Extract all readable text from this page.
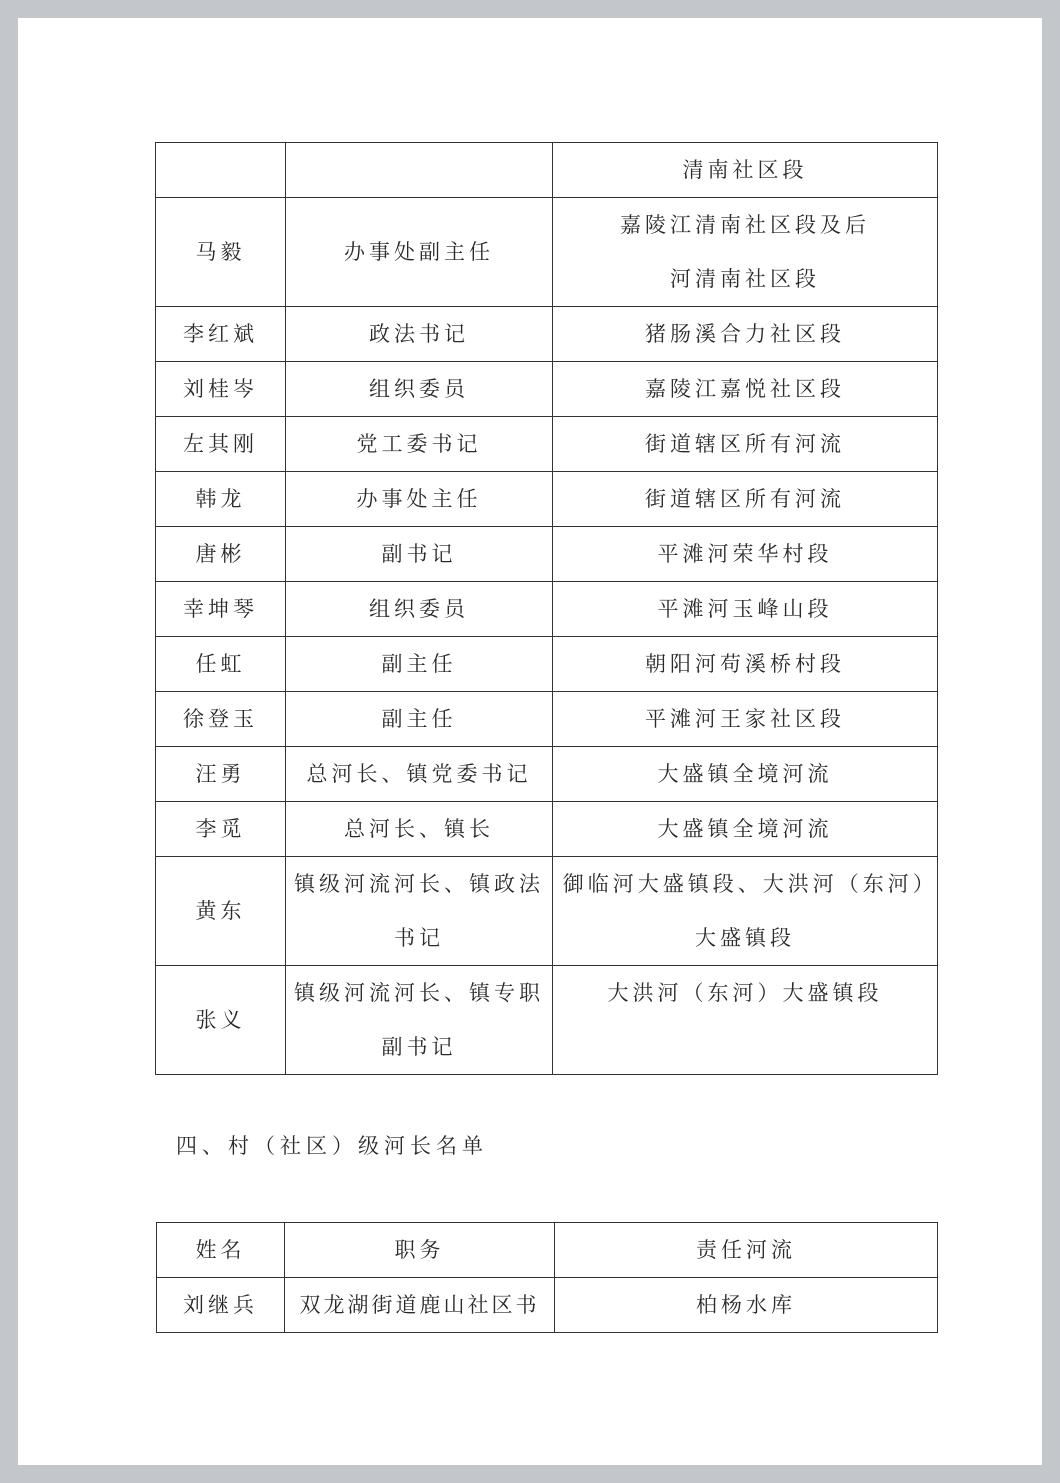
		清南社区段
马毅	办事处副主任	嘉陵江清南社区段及后河清南社区段
李红斌	政法书记	猪肠溪合力社区段
刘桂岑	组织委员	嘉陵江嘉悦社区段
左其刚	党工委书记	街道辖区所有河流
韩龙	办事处主任	街道辖区所有河流
唐彬	副书记	平滩河荣华村段
幸坤琴	组织委员	平滩河玉峰山段
任虹	副主任	朝阳河苟溪桥村段
徐登玉	副主任	平滩河王家社区段
汪勇	总河长、镇党委书记	大盛镇全境河流
李觅	总河长、镇长	大盛镇全境河流
黄东	镇级河流河长、镇政法书记	御临河大盛镇段、大洪河（东河）大盛镇段
张义	镇级河流河长、镇专职副书记	大洪河（东河）大盛镇段
四、村（社区）级河长名单
姓名	职务	责任河流
刘继兵	双龙湖街道鹿山社区书	柏杨水库
